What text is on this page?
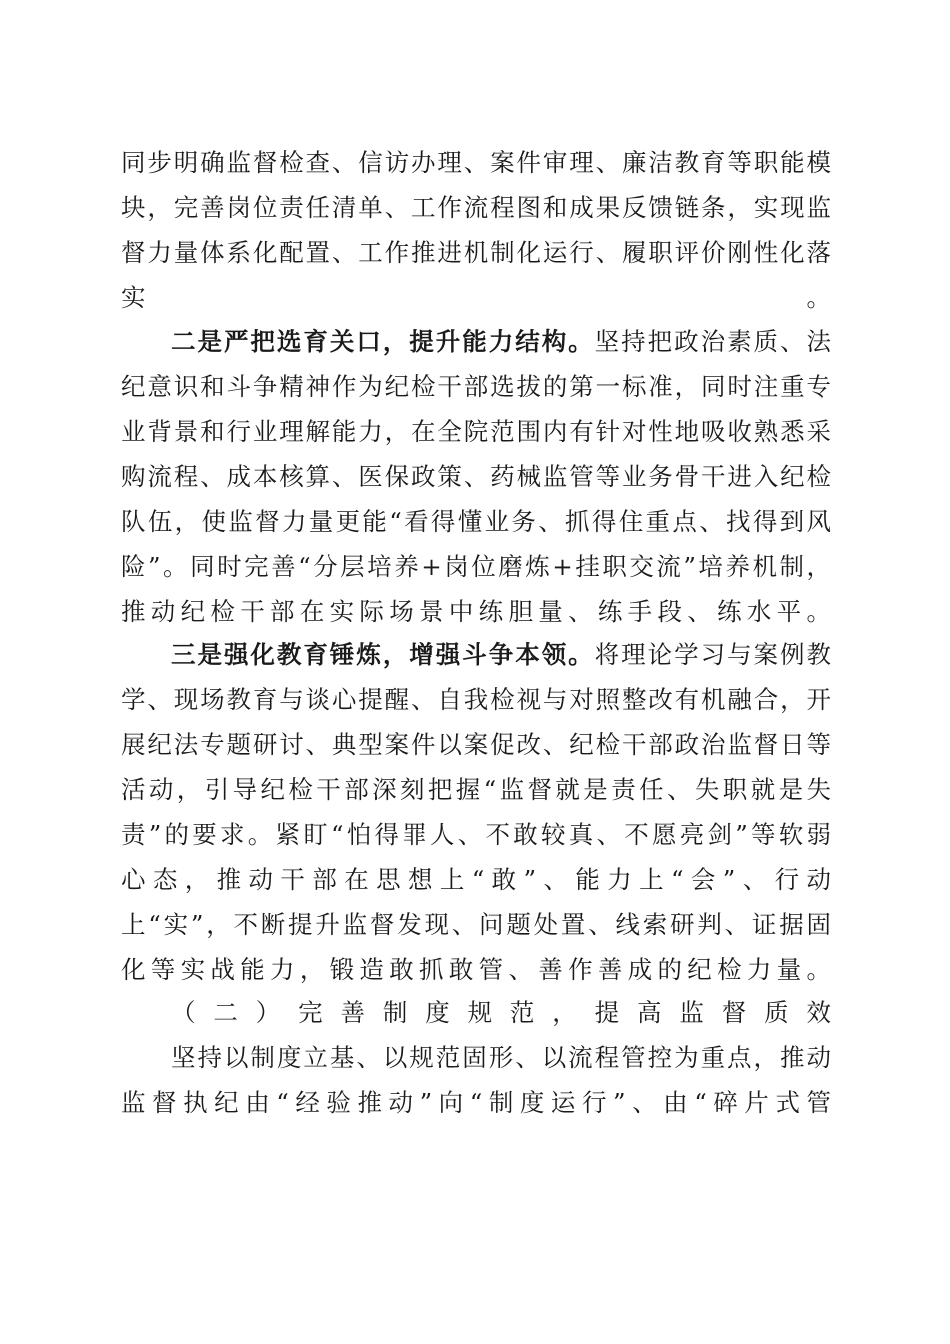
同步明确监督检查、信访办理、案件审理、廉洁教育等职能模
块，完善岗位责任清单、工作流程图和成果反馈链条，实现监
督力量体系化配置、工作推进机制化运行、履职评价刚性化落
实。
二是严把选育关口，提升能力结构。坚持把政治素质、法
纪意识和斗争精神作为纪检干部选拔的第一标准，同时注重专
业背景和行业理解能力，在全院范围内有针对性地吸收熟悉采
购流程、成本核算、医保政策、药械监管等业务骨干进入纪检
队伍，使监督力量更能“看得懂业务、抓得住重点、找得到风
险”。同时完善“分层培养+岗位磨炼+挂职交流”培养机制，
推动纪检干部在实际场景中练胆量、练手段、练水平。
三是强化教育锤炼，增强斗争本领。将理论学习与案例教
学、现场教育与谈心提醒、自我检视与对照整改有机融合，开
展纪法专题研讨、典型案件以案促改、纪检干部政治监督日等
活动，引导纪检干部深刻把握“监督就是责任、失职就是失
责”的要求。紧盯“怕得罪人、不敢较真、不愿亮剑”等软弱
心态，推动干部在思想上“敢”、能力上“会”、行动
上“实”，不断提升监督发现、问题处置、线索研判、证据固
化等实战能力，锻造敢抓敢管、善作善成的纪检力量。
（二）完善制度规范，提高监督质效
坚持以制度立基、以规范固形、以流程管控为重点，推动
监督执纪由“经验推动”向“制度运行”、由“碎片式管
